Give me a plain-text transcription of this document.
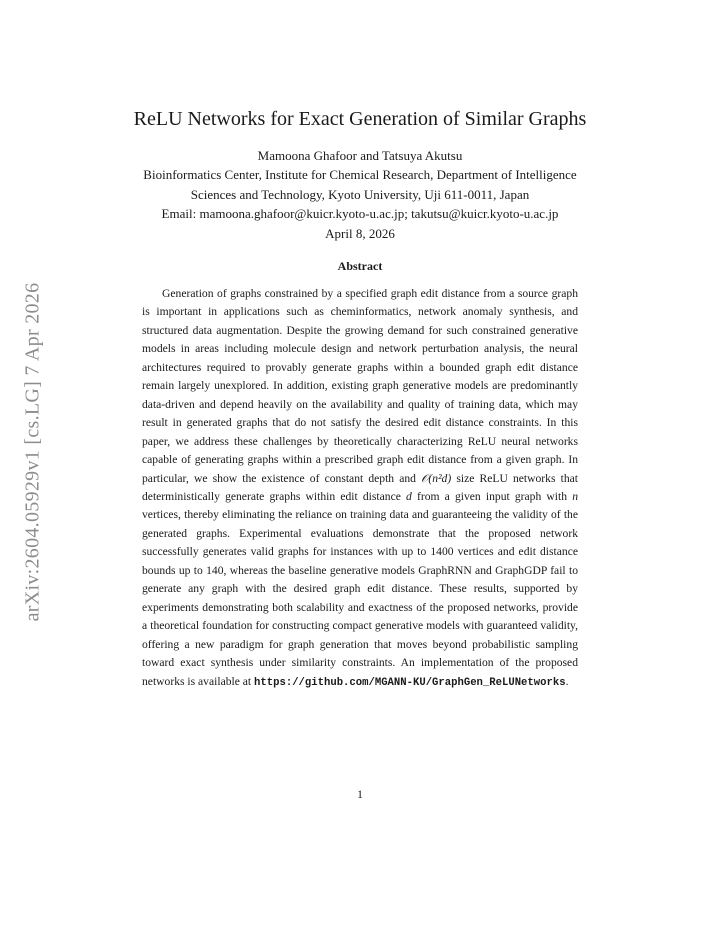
arXiv:2604.05929v1 [cs.LG] 7 Apr 2026
ReLU Networks for Exact Generation of Similar Graphs
Mamoona Ghafoor and Tatsuya Akutsu
Bioinformatics Center, Institute for Chemical Research, Department of Intelligence
Sciences and Technology, Kyoto University, Uji 611-0011, Japan
Email: mamoona.ghafoor@kuicr.kyoto-u.ac.jp; takutsu@kuicr.kyoto-u.ac.jp
April 8, 2026
Abstract

Generation of graphs constrained by a specified graph edit distance from a source graph is important in applications such as cheminformatics, network anomaly synthesis, and structured data augmentation. Despite the growing demand for such constrained generative models in areas including molecule design and network perturbation analysis, the neural architectures required to provably generate graphs within a bounded graph edit distance remain largely unexplored. In addition, existing graph generative models are predominantly data-driven and depend heavily on the availability and quality of training data, which may result in generated graphs that do not satisfy the desired edit distance constraints. In this paper, we address these challenges by theoretically characterizing ReLU neural networks capable of generating graphs within a prescribed graph edit distance from a given graph. In particular, we show the existence of constant depth and 𝒪(n²d) size ReLU networks that deterministically generate graphs within edit distance d from a given input graph with n vertices, thereby eliminating the reliance on training data and guaranteeing the validity of the generated graphs. Experimental evaluations demonstrate that the proposed network successfully generates valid graphs for instances with up to 1400 vertices and edit distance bounds up to 140, whereas the baseline generative models GraphRNN and GraphGDP fail to generate any graph with the desired graph edit distance. These results, supported by experiments demonstrating both scalability and exactness of the proposed networks, provide a theoretical foundation for constructing compact generative models with guaranteed validity, offering a new paradigm for graph generation that moves beyond probabilistic sampling toward exact synthesis under similarity constraints. An implementation of the proposed networks is available at https://github.com/MGANN-KU/GraphGen_ReLUNetworks.

1
